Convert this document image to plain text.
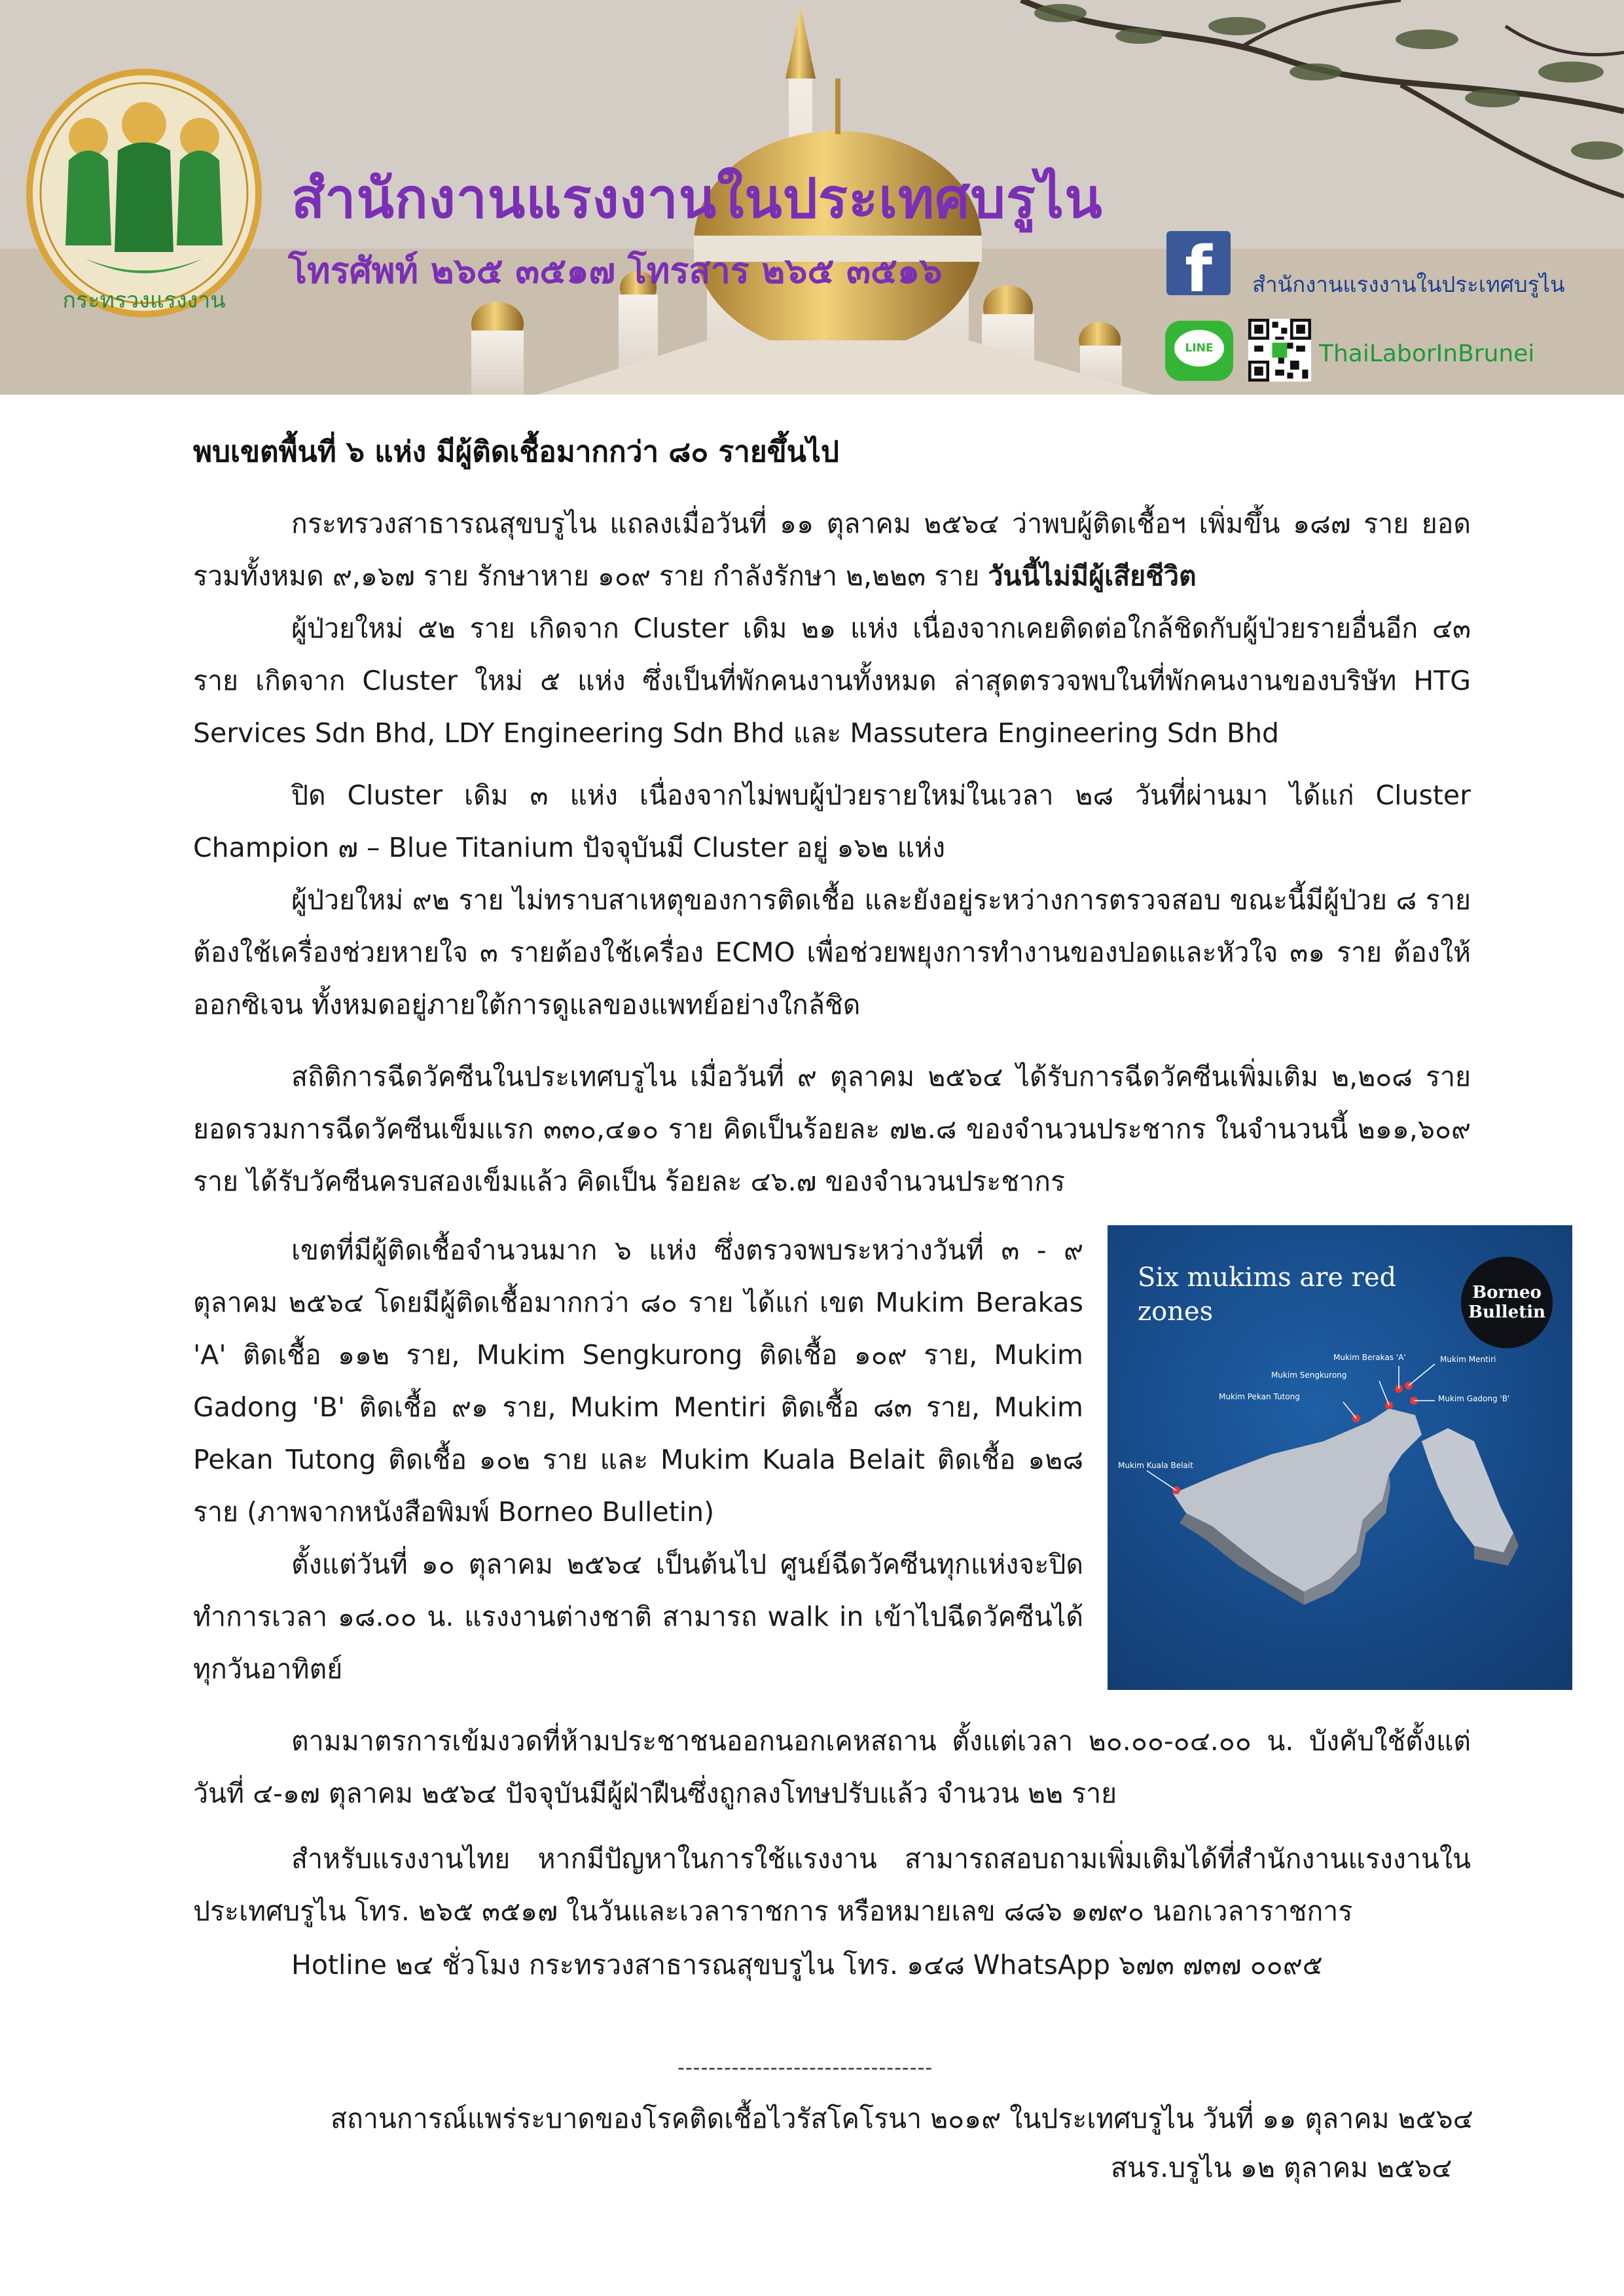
กระทรวงแรงงาน
สำนักงานแรงงานในประเทศบรูไน
โทรศัพท์ ๒๖๕ ๓๕๑๗ โทรสาร ๒๖๕ ๓๕๑๖	f	สำนักงานแรงงานในประเทศบรูไน
LINE	ThaiLaborInBrunei
พบเขตพื้นที่ ๖ แห่ง มีผู้ติดเชื้อมากกว่า ๘๐ รายขึ้นไป
กระทรวงสาธารณสุขบรูไน แถลงเมื่อวันที่ ๑๑ ตุลาคม ๒๕๖๔ ว่าพบผู้ติดเชื้อฯ เพิ่มขึ้น ๑๘๗ ราย ยอดรวมทั้งหมด ๙,๑๖๗ ราย รักษาหาย ๑๐๙ ราย กำลังรักษา ๒,๒๒๓ ราย วันนี้ไม่มีผู้เสียชีวิต
ผู้ป่วยใหม่ ๕๒ ราย เกิดจาก Cluster เดิม ๒๑ แห่ง เนื่องจากเคยติดต่อใกล้ชิดกับผู้ป่วยรายอื่นอีก ๔๓ ราย เกิดจาก Cluster ใหม่ ๕ แห่ง ซึ่งเป็นที่พักคนงานทั้งหมด ล่าสุดตรวจพบในที่พักคนงานของบริษัท HTG Services Sdn Bhd, LDY Engineering Sdn Bhd และ Massutera Engineering Sdn Bhd
ปิด Cluster เดิม ๓ แห่ง เนื่องจากไม่พบผู้ป่วยรายใหม่ในเวลา ๒๘ วันที่ผ่านมา ได้แก่ Cluster Champion ๗ – Blue Titanium ปัจจุบันมี Cluster อยู่ ๑๖๒ แห่ง
ผู้ป่วยใหม่ ๙๒ ราย ไม่ทราบสาเหตุของการติดเชื้อ และยังอยู่ระหว่างการตรวจสอบ ขณะนี้มีผู้ป่วย ๘ ราย ต้องใช้เครื่องช่วยหายใจ ๓ รายต้องใช้เครื่อง ECMO เพื่อช่วยพยุงการทำงานของปอดและหัวใจ ๓๑ ราย ต้องให้ออกซิเจน ทั้งหมดอยู่ภายใต้การดูแลของแพทย์อย่างใกล้ชิด
สถิติการฉีดวัคซีนในประเทศบรูไน เมื่อวันที่ ๙ ตุลาคม ๒๕๖๔ ได้รับการฉีดวัคซีนเพิ่มเติม ๒,๒๐๘ ราย ยอดรวมการฉีดวัคซีนเข็มแรก ๓๓๐,๔๑๐ ราย คิดเป็นร้อยละ ๗๒.๘ ของจำนวนประชากร ในจำนวนนี้ ๒๑๑,๖๐๙ ราย ได้รับวัคซีนครบสองเข็มแล้ว คิดเป็น ร้อยละ ๔๖.๗ ของจำนวนประชากร
เขตที่มีผู้ติดเชื้อจำนวนมาก ๖ แห่ง ซึ่งตรวจพบระหว่างวันที่ ๓ - ๙ ตุลาคม ๒๕๖๔ โดยมีผู้ติดเชื้อมากกว่า ๘๐ ราย ได้แก่ เขต Mukim Berakas 'A' ติดเชื้อ ๑๑๒ ราย, Mukim Sengkurong ติดเชื้อ ๑๐๙ ราย, Mukim Gadong 'B' ติดเชื้อ ๙๑ ราย, Mukim Mentiri ติดเชื้อ ๘๓ ราย, Mukim Pekan Tutong ติดเชื้อ ๑๐๒ ราย และ Mukim Kuala Belait ติดเชื้อ ๑๒๘ ราย (ภาพจากหนังสือพิมพ์ Borneo Bulletin)
ตั้งแต่วันที่ ๑๐ ตุลาคม ๒๕๖๔ เป็นต้นไป ศูนย์ฉีดวัคซีนทุกแห่งจะปิดทำการเวลา ๑๘.๐๐ น. แรงงานต่างชาติ สามารถ walk in เข้าไปฉีดวัคซีนได้ทุกวันอาทิตย์
ตามมาตรการเข้มงวดที่ห้ามประชาชนออกนอกเคหสถาน ตั้งแต่เวลา ๒๐.๐๐-๐๔.๐๐ น. บังคับใช้ตั้งแต่วันที่ ๔-๑๗ ตุลาคม ๒๕๖๔ ปัจจุบันมีผู้ฝ่าฝืนซึ่งถูกลงโทษปรับแล้ว จำนวน ๒๒ ราย
สำหรับแรงงานไทย หากมีปัญหาในการใช้แรงงาน สามารถสอบถามเพิ่มเติมได้ที่สำนักงานแรงงานในประเทศบรูไน โทร. ๒๖๕ ๓๕๑๗ ในวันและเวลาราชการ หรือหมายเลข ๘๘๖ ๑๗๙๐ นอกเวลาราชการ
Hotline ๒๔ ชั่วโมง กระทรวงสาธารณสุขบรูไน โทร. ๑๔๘ WhatsApp ๖๗๓ ๗๓๗ ๐๐๙๕
Six mukims are red zones
Borneo Bulletin
Mukim Berakas 'A'	Mukim Mentiri
Mukim Sengkurong
Mukim Gadong 'B'
Mukim Pekan Tutong
Mukim Kuala Belait
---------------------------------
สถานการณ์แพร่ระบาดของโรคติดเชื้อไวรัสโคโรนา ๒๐๑๙ ในประเทศบรูไน วันที่ ๑๑ ตุลาคม ๒๕๖๔
สนร.บรูไน ๑๒ ตุลาคม ๒๕๖๔
